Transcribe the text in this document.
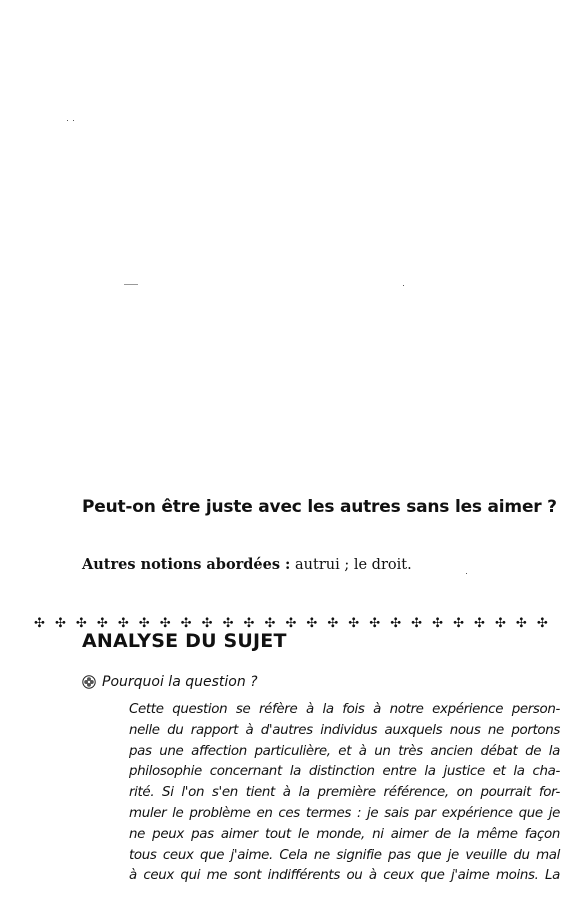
Peut-on être juste avec les autres sans les aimer ?
Autres notions abordées : autrui ; le droit.
✣ ✣ ✣ ✣ ✣ ✣ ✣ ✣ ✣ ✣ ✣ ✣ ✣ ✣ ✣ ✣ ✣ ✣ ✣ ✣ ✣ ✣ ✣ ✣ ✣
ANALYSE DU SUJET
Pourquoi la question ?
Cette question se réfère à la fois à notre expérience person-
nelle du rapport à d'autres individus auxquels nous ne portons
pas une affection particulière, et à un très ancien débat de la
philosophie concernant la distinction entre la justice et la cha-
rité. Si l'on s'en tient à la première référence, on pourrait for-
muler le problème en ces termes : je sais par expérience que je
ne peux pas aimer tout le monde, ni aimer de la même façon
tous ceux que j'aime. Cela ne signifie pas que je veuille du mal
à ceux qui me sont indifférents ou à ceux que j'aime moins. La
